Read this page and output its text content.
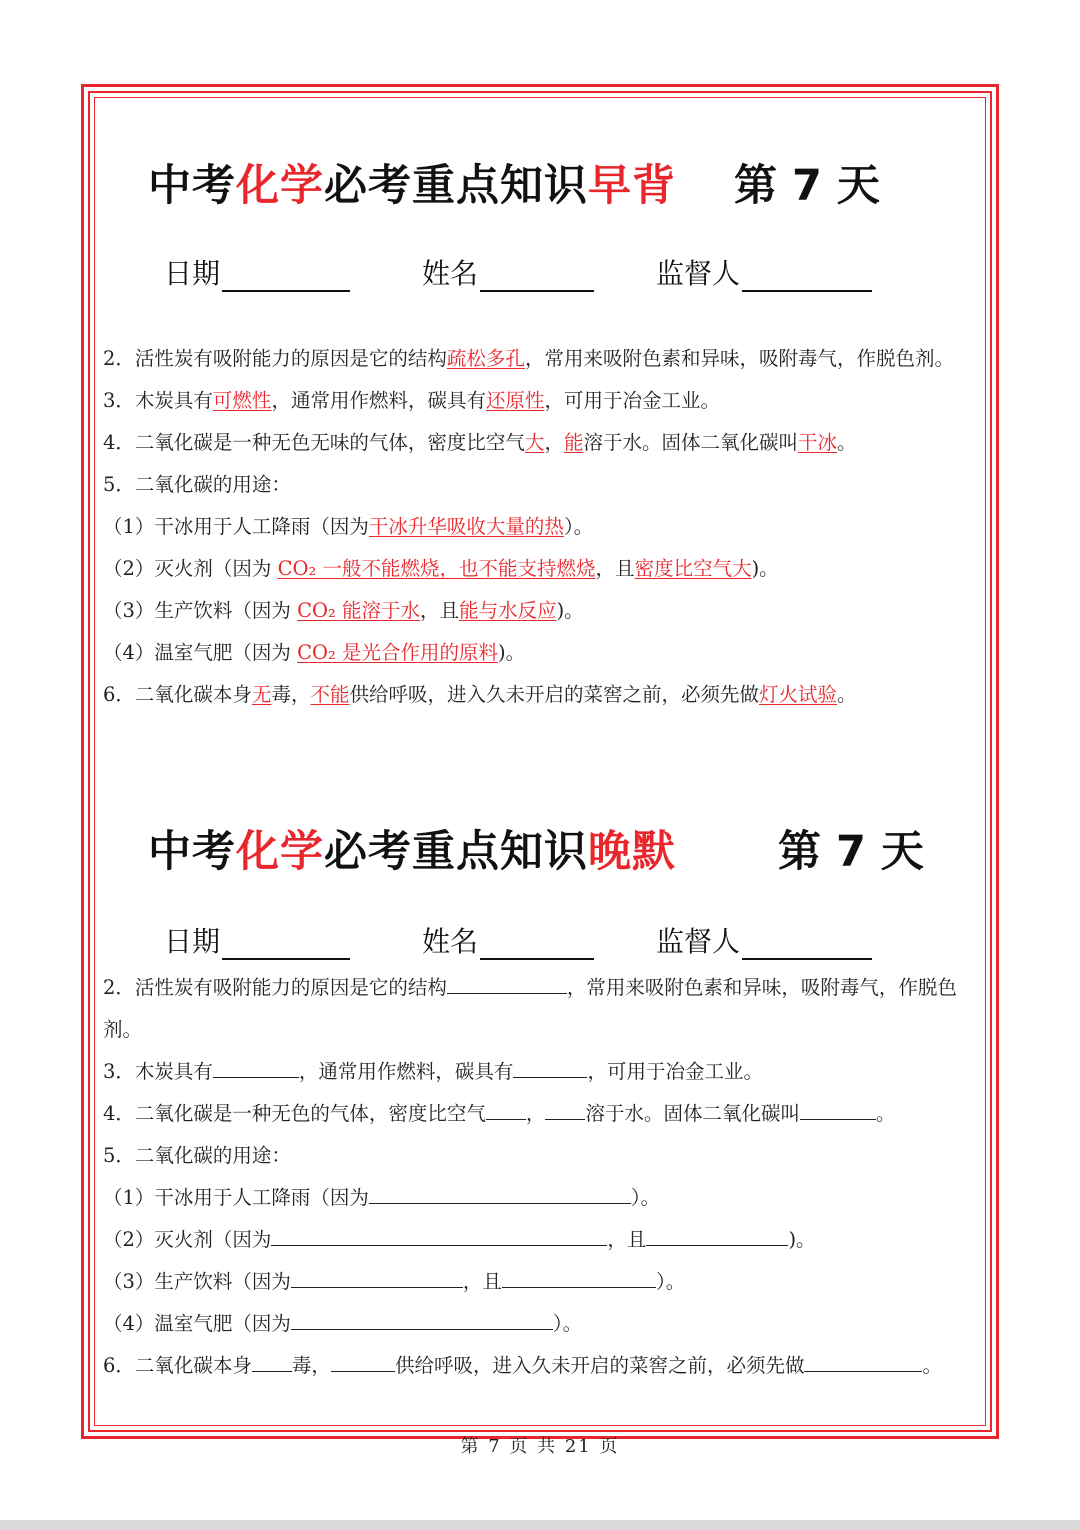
中考化学必考重点知识早背 第 7 天
日期	姓名	监督人

2．活性炭有吸附能力的原因是它的结构疏松多孔，常用来吸附色素和异味，吸附毒气，作脱色剂。

3．木炭具有可燃性，通常用作燃料，碳具有还原性，可用于冶金工业。

4．二氧化碳是一种无色无味的气体，密度比空气大，能溶于水。固体二氧化碳叫干冰。

5．二氧化碳的用途：

（1）干冰用于人工降雨（因为干冰升华吸收大量的热）。

（2）灭火剂（因为 CO₂ 一般不能燃烧，也不能支持燃烧，且密度比空气大)。

（3）生产饮料（因为 CO₂ 能溶于水，且能与水反应)。

（4）温室气肥（因为 CO₂ 是光合作用的原料)。

6．二氧化碳本身无毒，不能供给呼吸，进入久未开启的菜窖之前，必须先做灯火试验。

中考化学必考重点知识晚默 第 7 天
日期	姓名	监督人

2．活性炭有吸附能力的原因是它的结构	，常用来吸附色素和异味，吸附毒气，作脱色剂。

3．木炭具有	，通常用作燃料，碳具有	，可用于冶金工业。

4．二氧化碳是一种无色的气体，密度比空气 ， 溶于水。固体二氧化碳叫	。

5．二氧化碳的用途：

（1）干冰用于人工降雨（因为	）。

（2）灭火剂（因为	，且	)。

（3）生产饮料（因为	，且	）。

（4）温室气肥（因为	）。

6．二氧化碳本身 毒，	供给呼吸，进入久未开启的菜窖之前，必须先做	。

第 7 页 共 21 页
